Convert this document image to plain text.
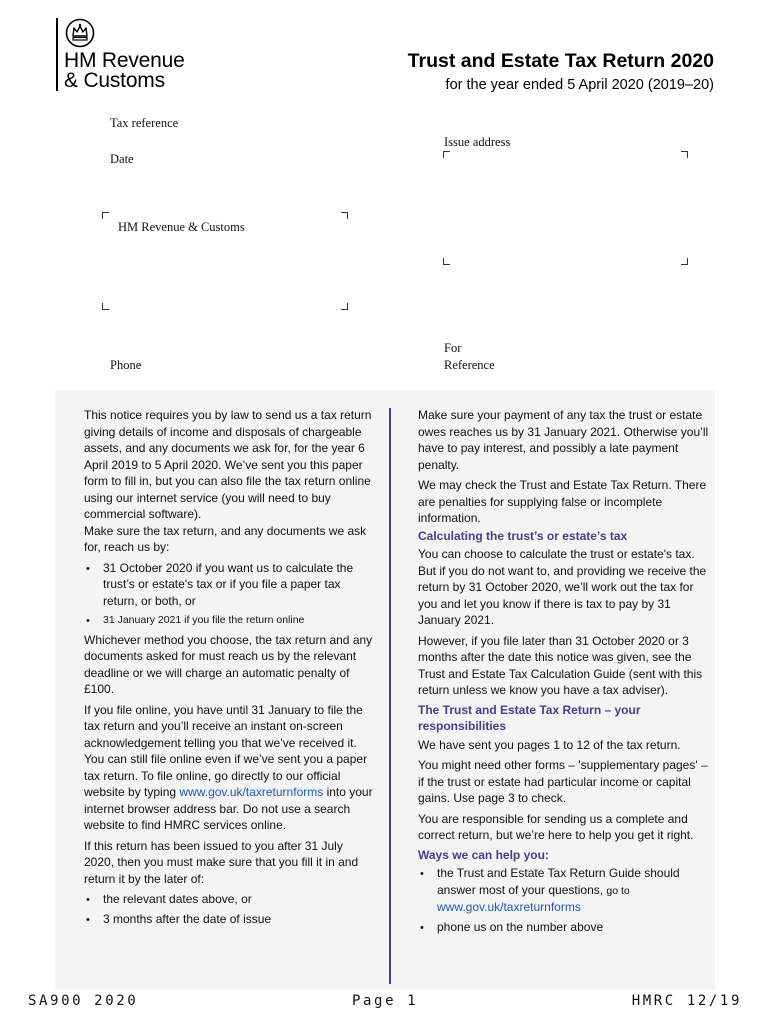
HM Revenue
& Customs
Trust and Estate Tax Return 2020
for the year ended 5 April 2020 (2019–20)
Tax reference
Date
Issue address
HM Revenue & Customs
Phone
For
Reference

This notice requires you by law to send us a tax return giving details of income and disposals of chargeable assets, and any documents we ask for, for the year 6 April 2019 to 5 April 2020. We’ve sent you this paper form to fill in, but you can also file the tax return online using our internet service (you will need to buy commercial software).

Make sure the tax return, and any documents we ask for, reach us by:

• 31 October 2020 if you want us to calculate the trust’s or estate's tax or if you file a paper tax return, or both, or
• 31 January 2021 if you file the return online

Whichever method you choose, the tax return and any documents asked for must reach us by the relevant deadline or we will charge an automatic penalty of £100.

If you file online, you have until 31 January to file the tax return and you’ll receive an instant on-screen acknowledgement telling you that we’ve received it. You can still file online even if we’ve sent you a paper tax return. To file online, go directly to our official website by typing www.gov.uk/taxreturnforms into your internet browser address bar. Do not use a search website to find HMRC services online.

If this return has been issued to you after 31 July 2020, then you must make sure that you fill it in and return it by the later of:

• the relevant dates above, or
• 3 months after the date of issue

Make sure your payment of any tax the trust or estate owes reaches us by 31 January 2021. Otherwise you’ll have to pay interest, and possibly a late payment penalty.

We may check the Trust and Estate Tax Return. There are penalties for supplying false or incomplete information.

Calculating the trust’s or estate’s tax

You can choose to calculate the trust or estate's tax. But if you do not want to, and providing we receive the return by 31 October 2020, we’ll work out the tax for you and let you know if there is tax to pay by 31 January 2021.

However, if you file later than 31 October 2020 or 3 months after the date this notice was given, see the Trust and Estate Tax Calculation Guide (sent with this return unless we know you have a tax adviser).

The Trust and Estate Tax Return – your responsibilities

We have sent you pages 1 to 12 of the tax return.

You might need other forms – 'supplementary pages' – if the trust or estate had particular income or capital gains. Use page 3 to check.

You are responsible for sending us a complete and correct return, but we’re here to help you get it right.

Ways we can help you:
• the Trust and Estate Tax Return Guide should answer most of your questions, go to
www.gov.uk/taxreturnforms
• phone us on the number above
SA900 2020	Page 1	HMRC 12/19
